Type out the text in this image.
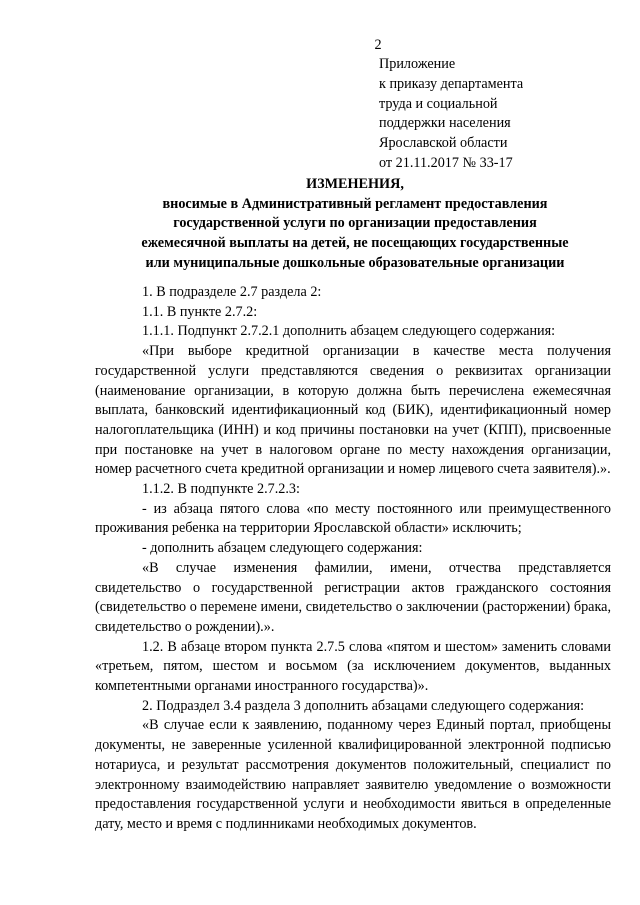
2
Приложение
к приказу департамента
труда и социальной
поддержки населения
Ярославской области
от 21.11.2017 № 33-17
ИЗМЕНЕНИЯ,
вносимые в Административный регламент предоставления
государственной услуги по организации предоставления
ежемесячной выплаты на детей, не посещающих государственные
или муниципальные дошкольные образовательные организации

1. В подразделе 2.7 раздела 2:

1.1. В пункте 2.7.2:

1.1.1. Подпункт 2.7.2.1 дополнить абзацем следующего содержания:

«При выборе кредитной организации в качестве места получения государственной услуги представляются сведения о реквизитах организации (наименование организации, в которую должна быть перечислена ежемесячная выплата, банковский идентификационный код (БИК), идентификационный номер налогоплательщика (ИНН) и код причины постановки на учет (КПП), присвоенные при постановке на учет в налоговом органе по месту нахождения организации, номер расчетного счета кредитной организации и номер лицевого счета заявителя).».

1.1.2. В подпункте 2.7.2.3:

- из абзаца пятого слова «по месту постоянного или преимущественного проживания ребенка на территории Ярославской области» исключить;

- дополнить абзацем следующего содержания:

«В случае изменения фамилии, имени, отчества представляется свидетельство о государственной регистрации актов гражданского состояния (свидетельство о перемене имени, свидетельство о заключении (расторжении) брака, свидетельство о рождении).».

1.2. В абзаце втором пункта 2.7.5 слова «пятом и шестом» заменить словами «третьем, пятом, шестом и восьмом (за исключением документов, выданных компетентными органами иностранного государства)».

2. Подраздел 3.4 раздела 3 дополнить абзацами следующего содержания:

«В случае если к заявлению, поданному через Единый портал, приобщены документы, не заверенные усиленной квалифицированной электронной подписью нотариуса, и результат рассмотрения документов положительный, специалист по электронному взаимодействию направляет заявителю уведомление о возможности предоставления государственной услуги и необходимости явиться в определенные дату, место и время с подлинниками необходимых документов.
